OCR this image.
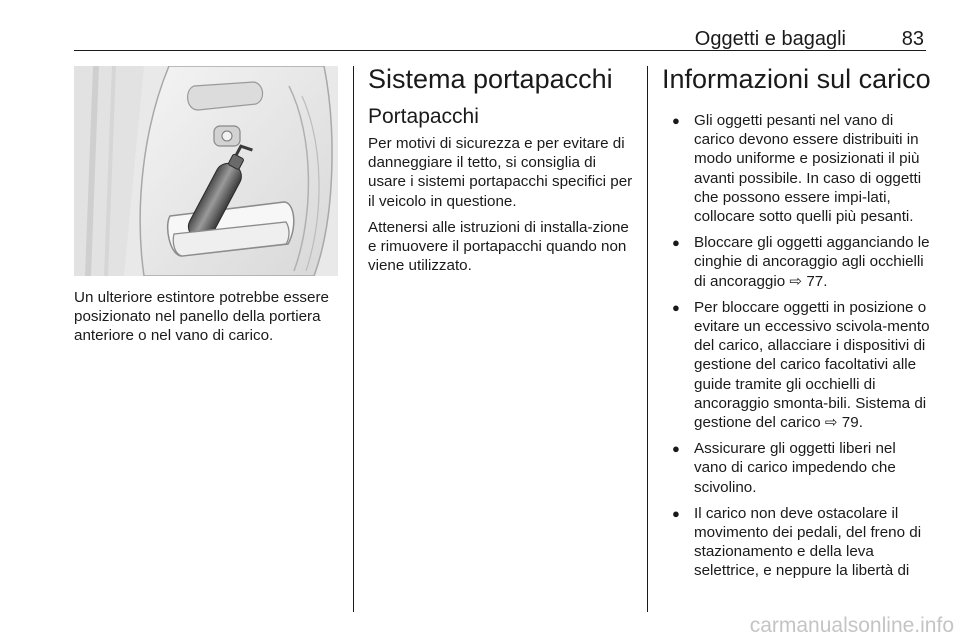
Oggetti e bagagli	83
Un ulteriore estintore potrebbe essere posizionato nel panello della portiera anteriore o nel vano di carico.
Sistema portapacchi
Portapacchi
Per motivi di sicurezza e per evitare di danneggiare il tetto, si consiglia di usare i sistemi portapacchi specifici per il veicolo in questione.
Attenersi alle istruzioni di installa-zione e rimuovere il portapacchi quando non viene utilizzato.
Informazioni sul carico
● Gli oggetti pesanti nel vano di carico devono essere distribuiti in modo uniforme e posizionati il più avanti possibile. In caso di oggetti che possono essere impi-lati, collocare sotto quelli più pesanti.
● Bloccare gli oggetti agganciando le cinghie di ancoraggio agli occhielli di ancoraggio ⇨ 77.
● Per bloccare oggetti in posizione o evitare un eccessivo scivola-mento del carico, allacciare i dispositivi di gestione del carico facoltativi alle guide tramite gli occhielli di ancoraggio smonta-bili. Sistema di gestione del carico ⇨ 79.
● Assicurare gli oggetti liberi nel vano di carico impedendo che scivolino.
● Il carico non deve ostacolare il movimento dei pedali, del freno di stazionamento e della leva selettrice, e neppure la libertà di
carmanualsonline.info
